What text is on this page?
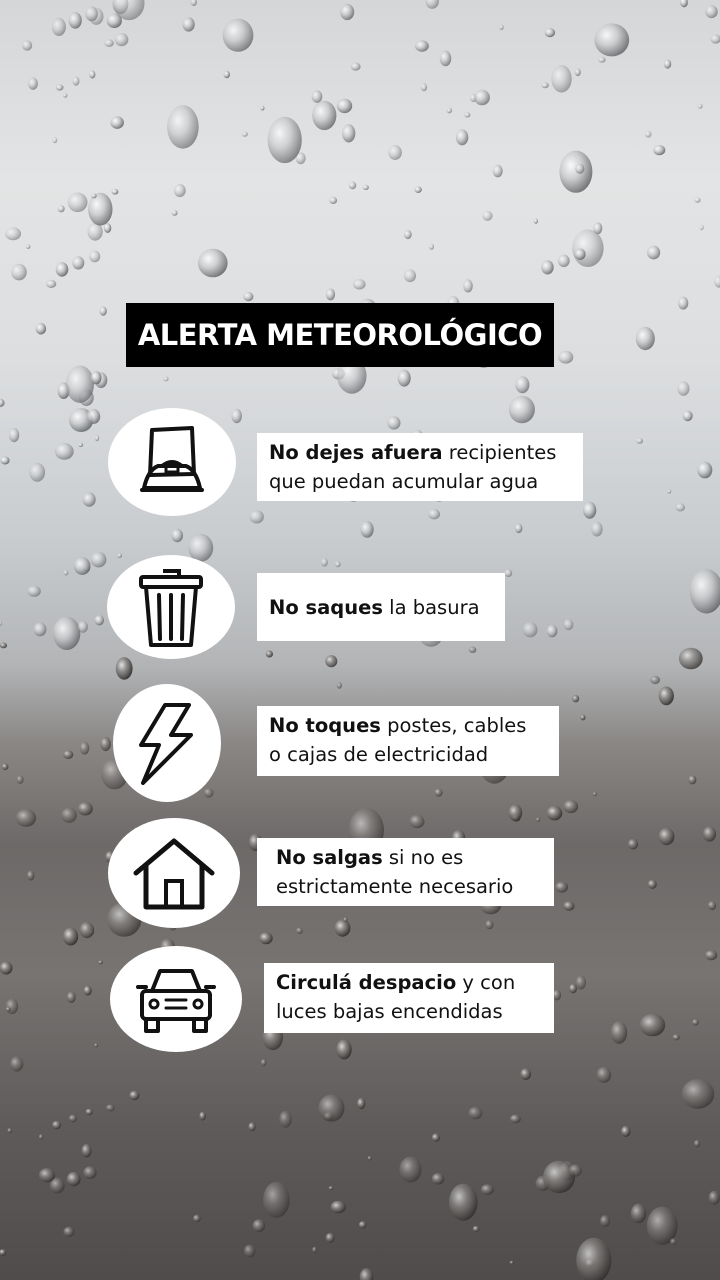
ALERTA METEOROLÓGICO
No dejes afuera recipientes
que puedan acumular agua
No saques la basura
No toques postes, cables
o cajas de electricidad
No salgas si no es
estrictamente necesario
Circulá despacio y con
luces bajas encendidas
